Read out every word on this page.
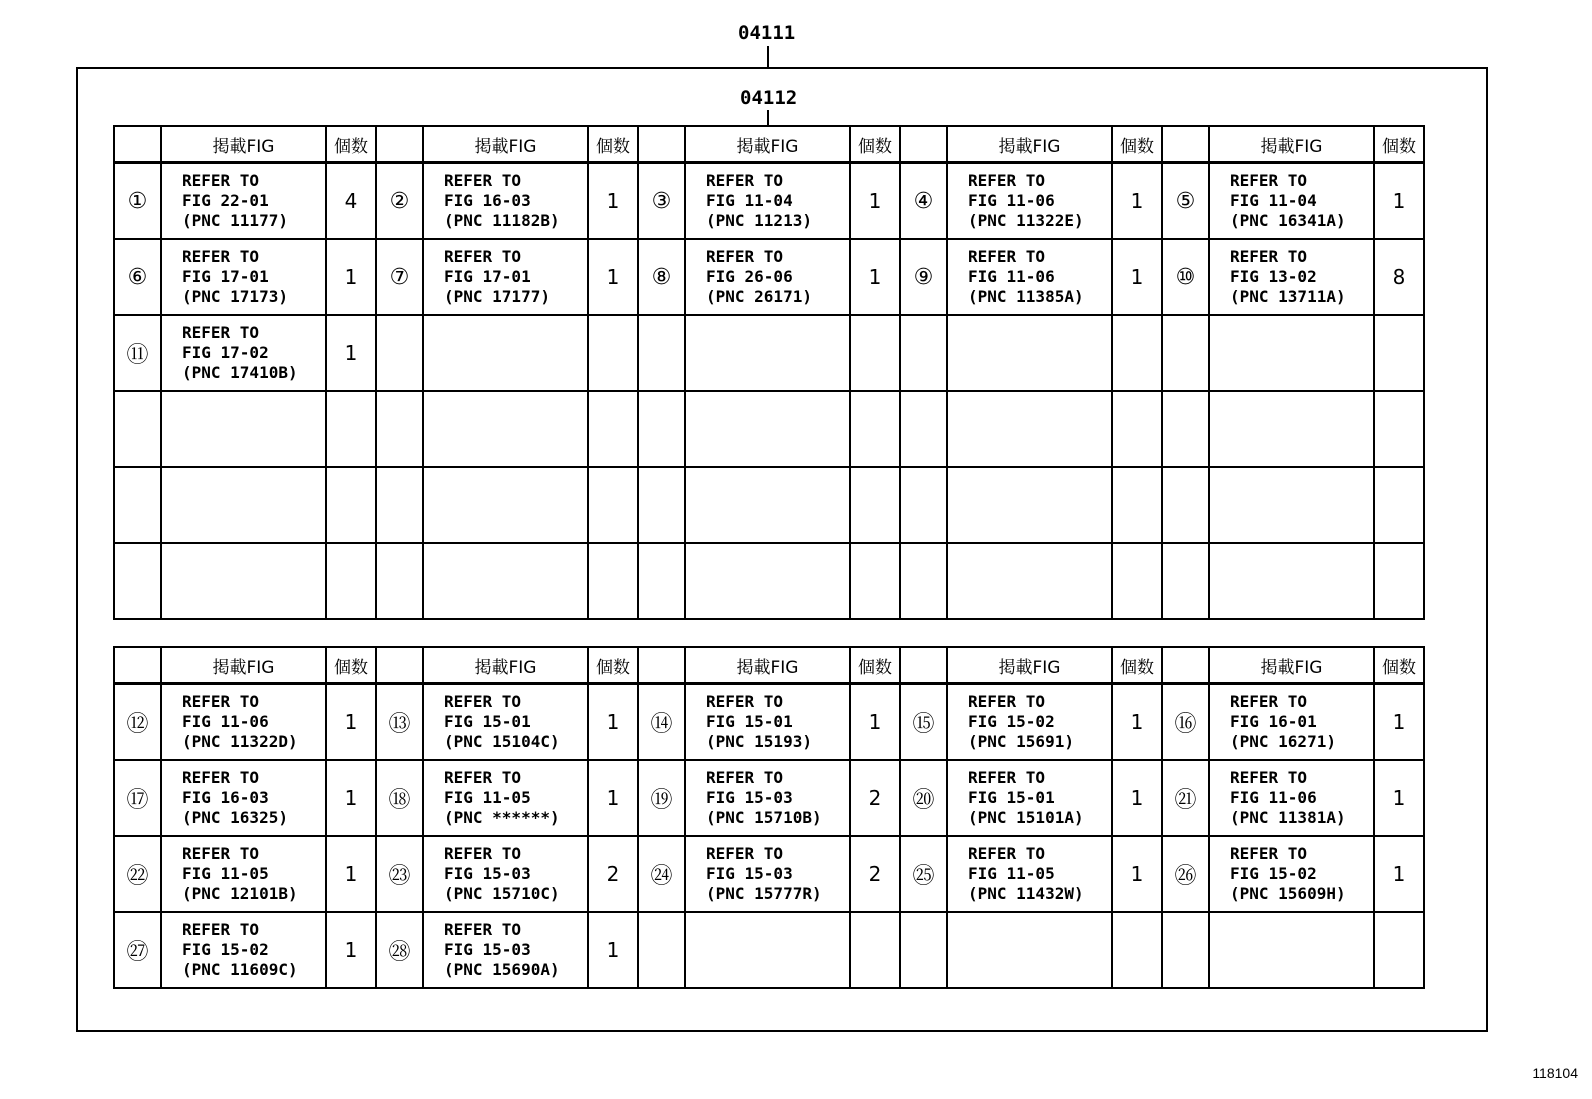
04111
04112
	掲載FIG	個数		掲載FIG	個数		掲載FIG	個数		掲載FIG	個数		掲載FIG	個数
①	REFER TO
FIG 22-01
(PNC 11177)	4	②	REFER TO
FIG 16-03
(PNC 11182B)	1	③	REFER TO
FIG 11-04
(PNC 11213)	1	④	REFER TO
FIG 11-06
(PNC 11322E)	1	⑤	REFER TO
FIG 11-04
(PNC 16341A)	1
⑥	REFER TO
FIG 17-01
(PNC 17173)	1	⑦	REFER TO
FIG 17-01
(PNC 17177)	1	⑧	REFER TO
FIG 26-06
(PNC 26171)	1	⑨	REFER TO
FIG 11-06
(PNC 11385A)	1	⑩	REFER TO
FIG 13-02
(PNC 13711A)	8
⑪	REFER TO
FIG 17-02
(PNC 17410B)	1												

	掲載FIG	個数		掲載FIG	個数		掲載FIG	個数		掲載FIG	個数		掲載FIG	個数
⑫	REFER TO
FIG 11-06
(PNC 11322D)	1	⑬	REFER TO
FIG 15-01
(PNC 15104C)	1	⑭	REFER TO
FIG 15-01
(PNC 15193)	1	⑮	REFER TO
FIG 15-02
(PNC 15691)	1	⑯	REFER TO
FIG 16-01
(PNC 16271)	1
⑰	REFER TO
FIG 16-03
(PNC 16325)	1	⑱	REFER TO
FIG 11-05
(PNC ******)	1	⑲	REFER TO
FIG 15-03
(PNC 15710B)	2	⑳	REFER TO
FIG 15-01
(PNC 15101A)	1	㉑	REFER TO
FIG 11-06
(PNC 11381A)	1
㉒	REFER TO
FIG 11-05
(PNC 12101B)	1	㉓	REFER TO
FIG 15-03
(PNC 15710C)	2	㉔	REFER TO
FIG 15-03
(PNC 15777R)	2	㉕	REFER TO
FIG 11-05
(PNC 11432W)	1	㉖	REFER TO
FIG 15-02
(PNC 15609H)	1
㉗	REFER TO
FIG 15-02
(PNC 11609C)	1	㉘	REFER TO
FIG 15-03
(PNC 15690A)	1									
118104
